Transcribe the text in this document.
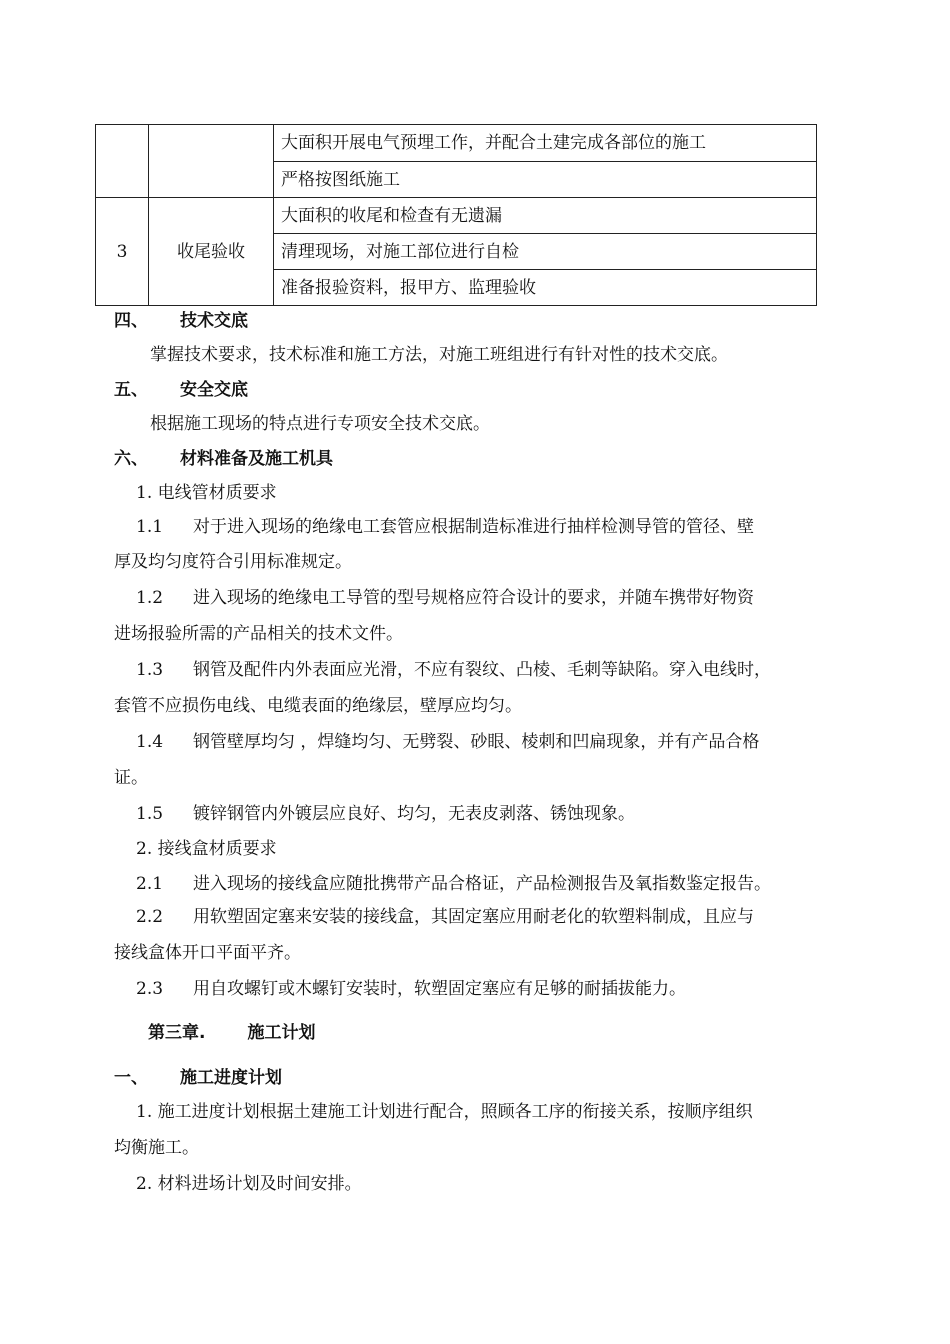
		大面积开展电气预埋工作，并配合土建完成各部位的施工
		严格按图纸施工
3	收尾验收	大面积的收尾和检查有无遗漏
		清理现场，对施工部位进行自检
		准备报验资料，报甲方、监理验收
四、 技术交底
掌握技术要求，技术标准和施工方法，对施工班组进行有针对性的技术交底。
五、 安全交底
根据施工现场的特点进行专项安全技术交底。
六、 材料准备及施工机具
1. 电线管材质要求
1.1 对于进入现场的绝缘电工套管应根据制造标准进行抽样检测导管的管径、壁
厚及均匀度符合引用标准规定。
1.2 进入现场的绝缘电工导管的型号规格应符合设计的要求，并随车携带好物资
进场报验所需的产品相关的技术文件。
1.3 钢管及配件内外表面应光滑，不应有裂纹、凸棱、毛刺等缺陷。穿入电线时，
套管不应损伤电线、电缆表面的绝缘层，壁厚应均匀。
1.4 钢管壁厚均匀 ，焊缝均匀、无劈裂、砂眼、棱刺和凹扁现象，并有产品合格
证。
1.5 镀锌钢管内外镀层应良好、均匀，无表皮剥落、锈蚀现象。
2. 接线盒材质要求
2.1 进入现场的接线盒应随批携带产品合格证，产品检测报告及氧指数鉴定报告。
2.2 用软塑固定塞来安装的接线盒，其固定塞应用耐老化的软塑料制成，且应与
接线盒体开口平面平齐。
2.3 用自攻螺钉或木螺钉安装时，软塑固定塞应有足够的耐插拔能力。
第三章. 施工计划
一、 施工进度计划
1. 施工进度计划根据土建施工计划进行配合，照顾各工序的衔接关系，按顺序组织
均衡施工。
2. 材料进场计划及时间安排。
